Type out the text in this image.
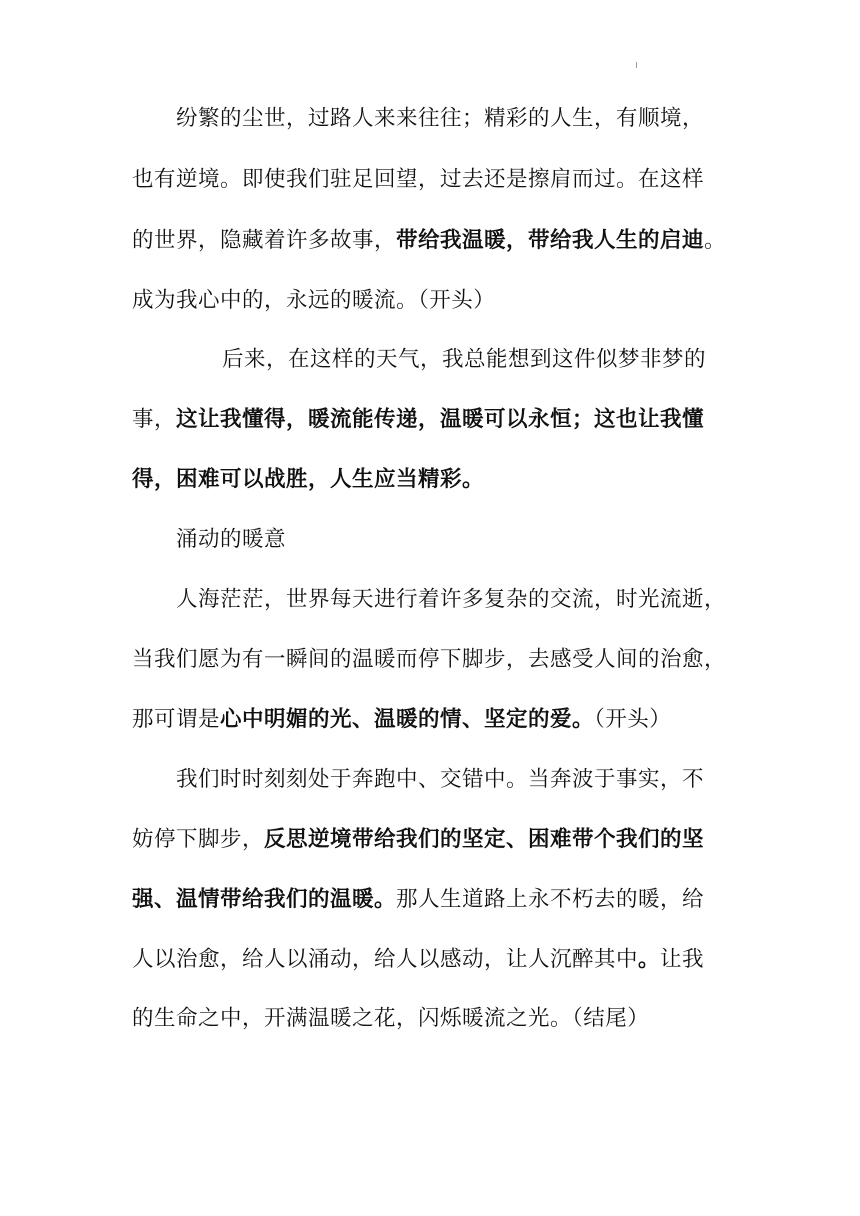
纷繁的尘世，过路人来来往往；精彩的人生，有顺境，
也有逆境。即使我们驻足回望，过去还是擦肩而过。在这样
的世界，隐藏着许多故事，带给我温暖，带给我人生的启迪。
成为我心中的，永远的暖流。（开头）
后来，在这样的天气，我总能想到这件似梦非梦的
事，这让我懂得，暖流能传递，温暖可以永恒；这也让我懂
得，困难可以战胜，人生应当精彩。
涌动的暖意
人海茫茫，世界每天进行着许多复杂的交流，时光流逝，
当我们愿为有一瞬间的温暖而停下脚步，去感受人间的治愈，
那可谓是心中明媚的光、温暖的情、坚定的爱。（开头）
我们时时刻刻处于奔跑中、交错中。当奔波于事实，不
妨停下脚步，反思逆境带给我们的坚定、困难带个我们的坚
强、温情带给我们的温暖。那人生道路上永不朽去的暖，给
人以治愈，给人以涌动，给人以感动，让人沉醉其中。让我
的生命之中，开满温暖之花，闪烁暖流之光。（结尾）
